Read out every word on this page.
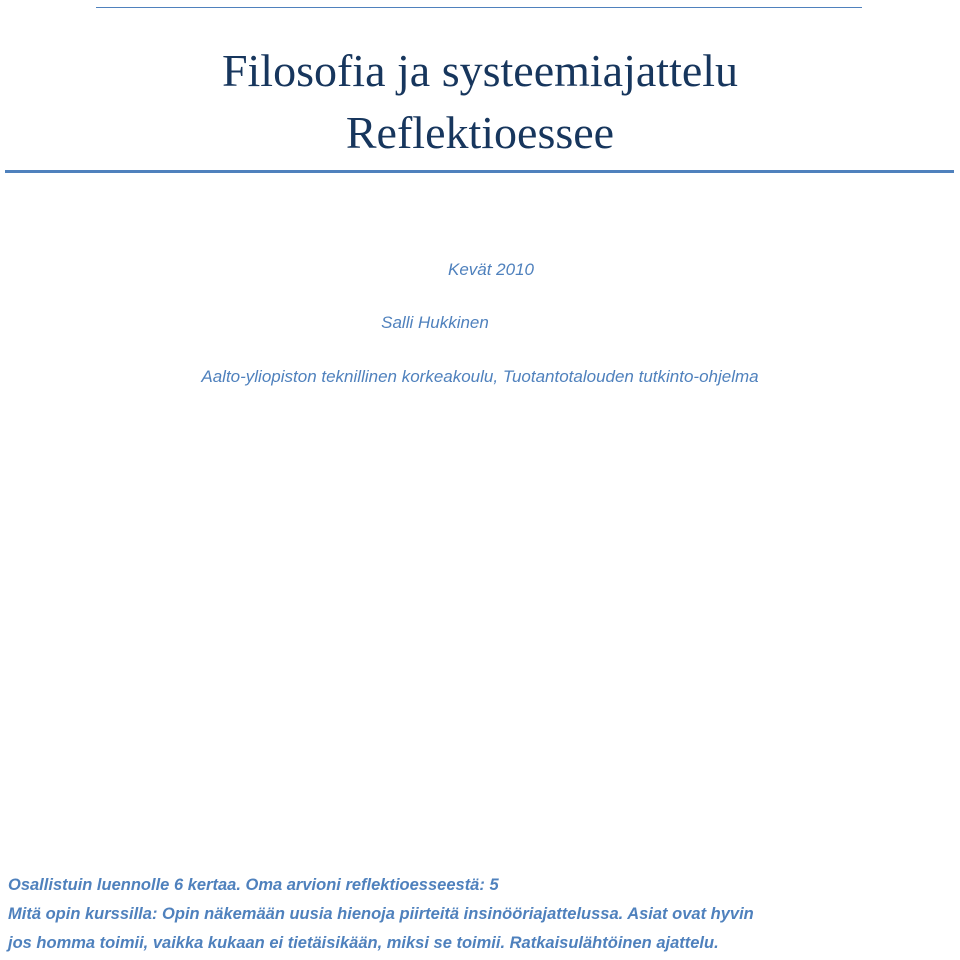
Filosofia ja systeemiajattelu
Reflektioessee
Kevät 2010
Salli Hukkinen
Aalto-yliopiston teknillinen korkeakoulu, Tuotantotalouden tutkinto-ohjelma
Osallistuin luennolle 6 kertaa. Oma arvioni reflektioesseestä: 5
Mitä opin kurssilla: Opin näkemään uusia hienoja piirteitä insinööriajattelussa. Asiat ovat hyvin
jos homma toimii, vaikka kukaan ei tietäisikään, miksi se toimii. Ratkaisulähtöinen ajattelu.
